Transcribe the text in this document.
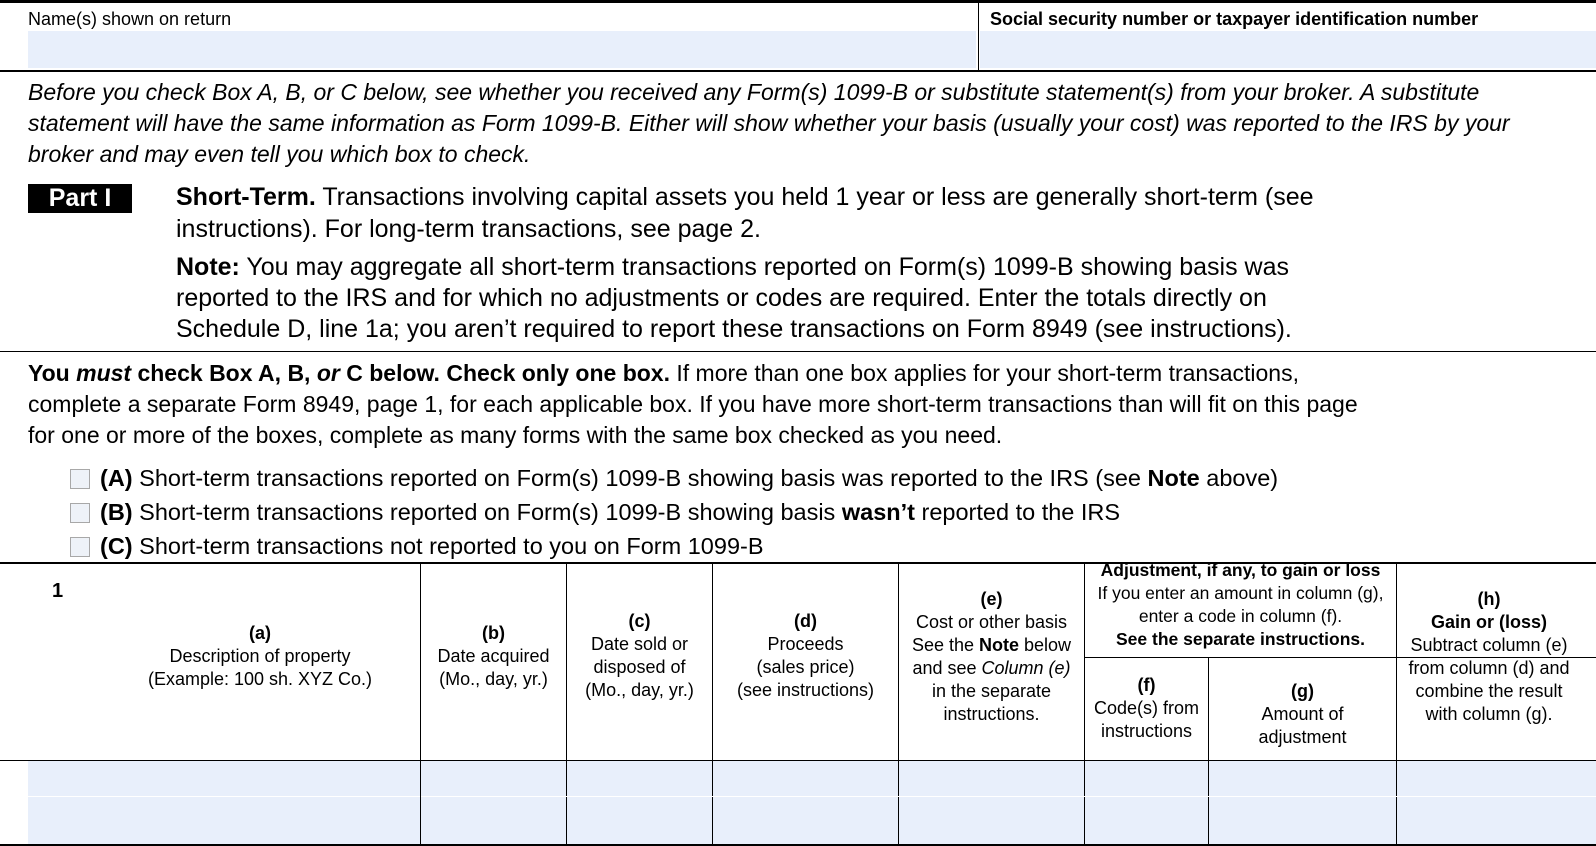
Name(s) shown on return	Social security number or taxpayer identification number
Before you check Box A, B, or C below, see whether you received any Form(s) 1099-B or substitute statement(s) from your broker. A substitute
statement will have the same information as Form 1099-B. Either will show whether your basis (usually your cost) was reported to the IRS by your
broker and may even tell you which box to check.
Part I	Short-Term. Transactions involving capital assets you held 1 year or less are generally short-term (see
instructions). For long-term transactions, see page 2.
Note: You may aggregate all short-term transactions reported on Form(s) 1099-B showing basis was
reported to the IRS and for which no adjustments or codes are required. Enter the totals directly on
Schedule D, line 1a; you aren’t required to report these transactions on Form 8949 (see instructions).
You must check Box A, B, or C below. Check only one box. If more than one box applies for your short-term transactions,
complete a separate Form 8949, page 1, for each applicable box. If you have more short-term transactions than will fit on this page
for one or more of the boxes, complete as many forms with the same box checked as you need.
(A) Short-term transactions reported on Form(s) 1099-B showing basis was reported to the IRS (see Note above)
(B) Short-term transactions reported on Form(s) 1099-B showing basis wasn’t reported to the IRS
(C) Short-term transactions not reported to you on Form 1099-B
1
(a)
Description of property
(Example: 100 sh. XYZ Co.)
(b)
Date acquired
(Mo., day, yr.)
(c)
Date sold or
disposed of
(Mo., day, yr.)
(d)
Proceeds
(sales price)
(see instructions)
(e)
Cost or other basis
See the Note below
and see Column (e)
in the separate
instructions.
Adjustment, if any, to gain or loss
If you enter an amount in column (g),
enter a code in column (f).
See the separate instructions.
(f)
Code(s) from
instructions
(g)
Amount of
adjustment
(h)
Gain or (loss)
Subtract column (e)
from column (d) and
combine the result
with column (g).
